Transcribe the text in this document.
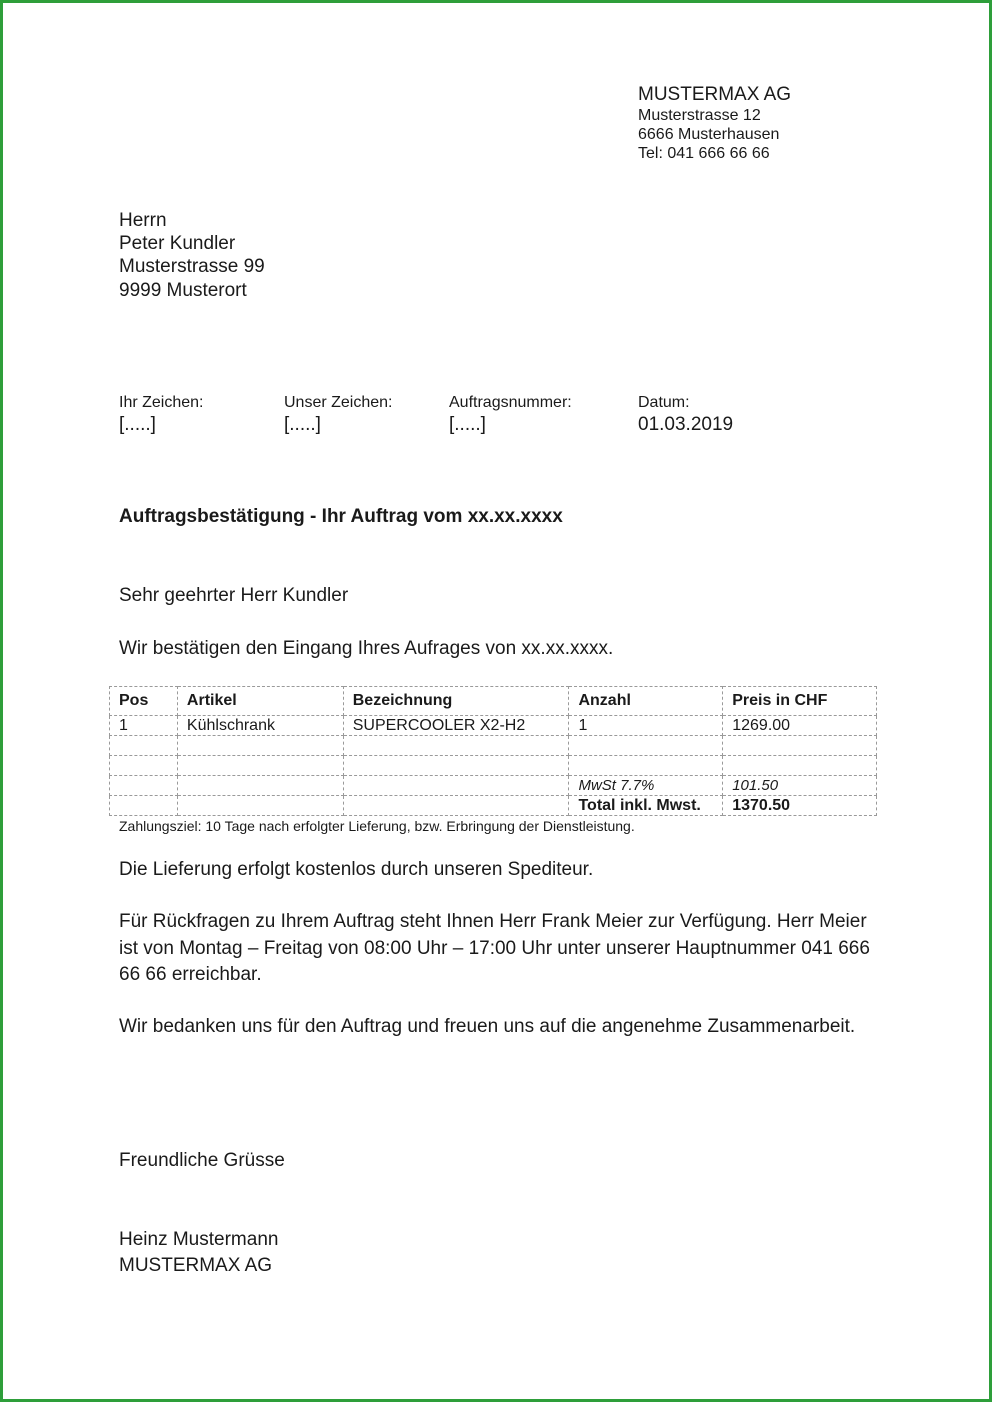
MUSTERMAX AG
Musterstrasse 12
6666 Musterhausen
Tel: 041 666 66 66
Herrn
Peter Kundler
Musterstrasse 99
9999 Musterort
Ihr Zeichen:
[.....]
Unser Zeichen:
[.....]
Auftragsnummer:
[.....]
Datum:
01.03.2019
Auftragsbestätigung - Ihr Auftrag vom xx.xx.xxxx
Sehr geehrter Herr Kundler
Wir bestätigen den Eingang Ihres Aufrages von xx.xx.xxxx.
Pos	Artikel	Bezeichnung	Anzahl	Preis in CHF
1	Kühlschrank	SUPERCOOLER X2-H2	1	1269.00

			MwSt 7.7%	101.50
			Total inkl. Mwst.	1370.50
Zahlungsziel: 10 Tage nach erfolgter Lieferung, bzw. Erbringung der Dienstleistung.
Die Lieferung erfolgt kostenlos durch unseren Spediteur.
Für Rückfragen zu Ihrem Auftrag steht Ihnen Herr Frank Meier zur Verfügung. Herr Meier ist von Montag – Freitag von 08:00 Uhr – 17:00 Uhr unter unserer Hauptnummer 041 666 66 66 erreichbar.
Wir bedanken uns für den Auftrag und freuen uns auf die angenehme Zusammenarbeit.
Freundliche Grüsse
Heinz Mustermann
MUSTERMAX AG
